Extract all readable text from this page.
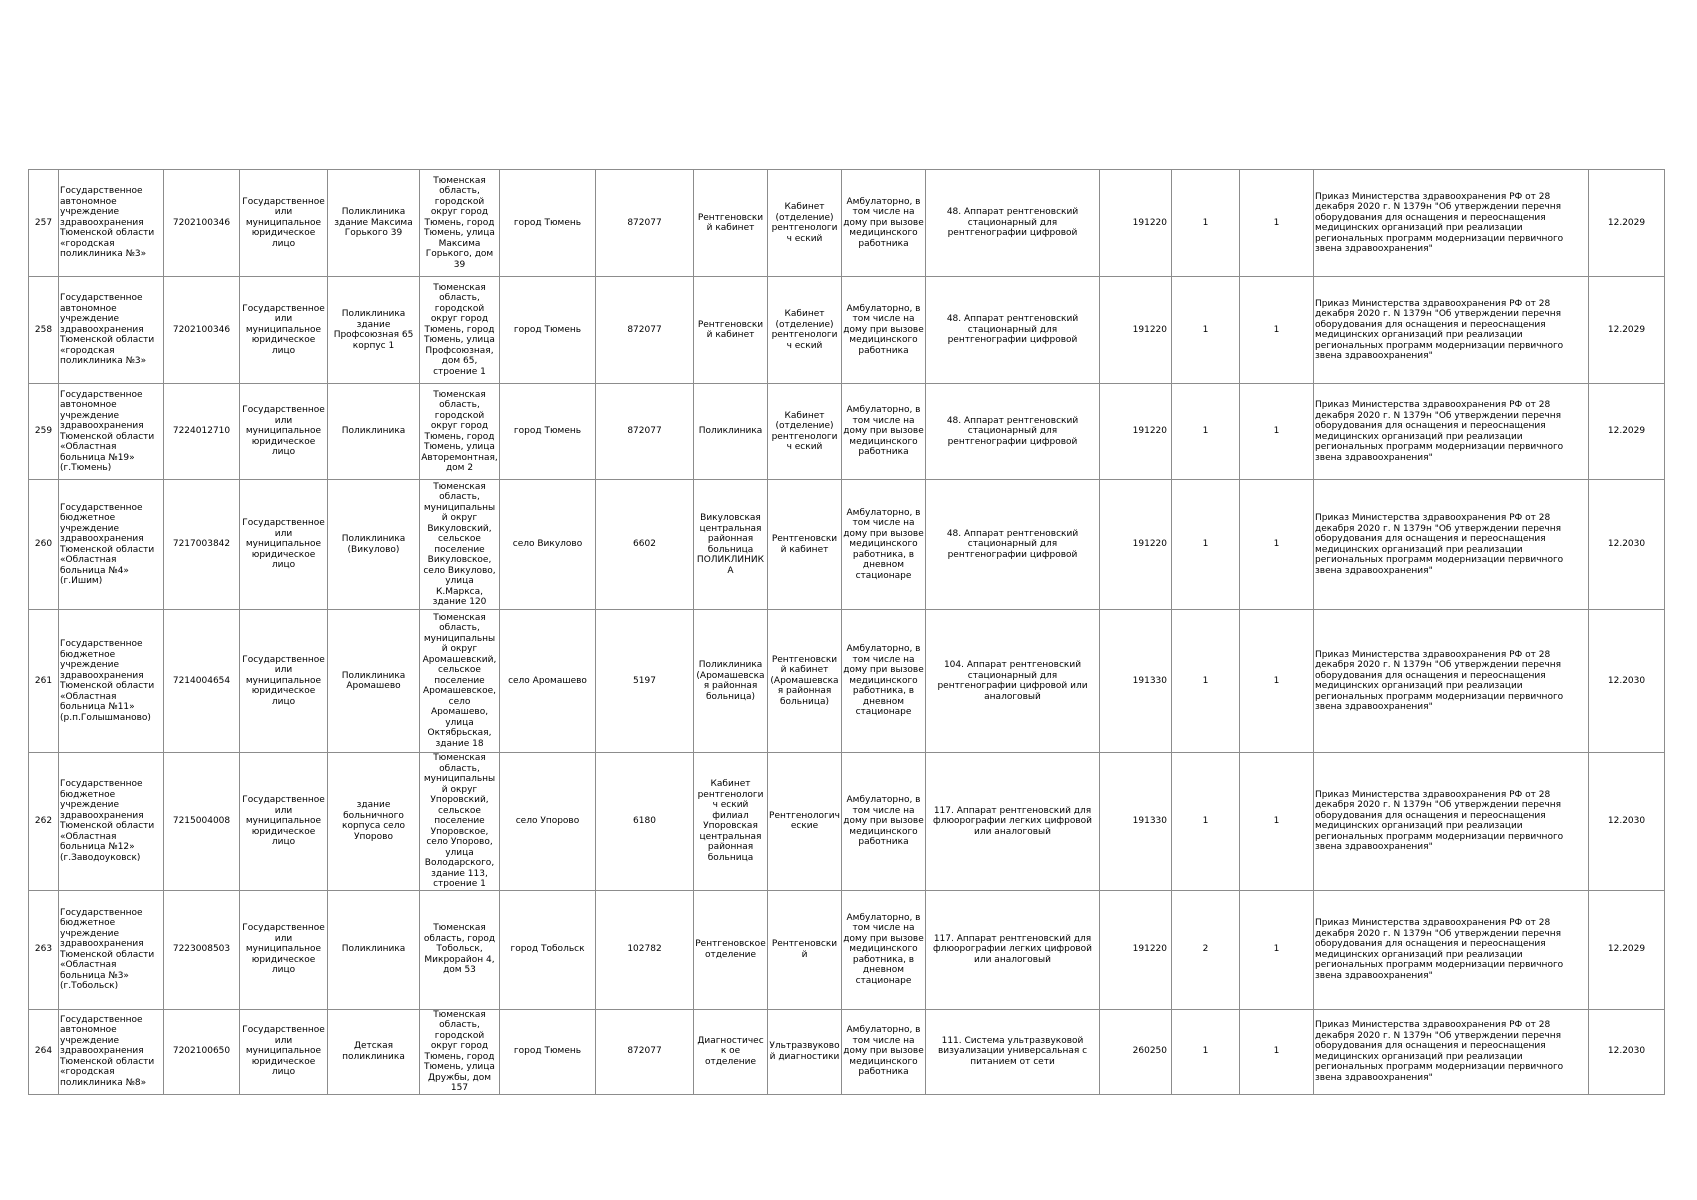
257	Государственное автономное учреждение здравоохранения Тюменской области «городская поликлиника №3»	7202100346	Государственное или муниципальное юридическое лицо	Поликлиника здание Максима Горького 39	Тюменская область, городской округ город Тюмень, город Тюмень, улица Максима Горького, дом 39	город Тюмень	872077	Рентгеновский кабинет	Кабинет (отделение) рентгенологич еский	Амбулаторно, в том числе на дому при вызове медицинского работника	48. Аппарат рентгеновский стационарный для рентгенографии цифровой	191220	1	1	Приказ Министерства здравоохранения РФ от 28 декабря 2020 г. N 1379н "Об утверждении перечня оборудования для оснащения и переоснащения медицинских организаций при реализации региональных программ модернизации первичного звена здравоохранения"	12.2029
258	Государственное автономное учреждение здравоохранения Тюменской области «городская поликлиника №3»	7202100346	Государственное или муниципальное юридическое лицо	Поликлиника здание Профсоюзная 65 корпус 1	Тюменская область, городской округ город Тюмень, город Тюмень, улица Профсоюзная, дом 65, строение 1	город Тюмень	872077	Рентгеновский кабинет	Кабинет (отделение) рентгенологич еский	Амбулаторно, в том числе на дому при вызове медицинского работника	48. Аппарат рентгеновский стационарный для рентгенографии цифровой	191220	1	1	Приказ Министерства здравоохранения РФ от 28 декабря 2020 г. N 1379н "Об утверждении перечня оборудования для оснащения и переоснащения медицинских организаций при реализации региональных программ модернизации первичного звена здравоохранения"	12.2029
259	Государственное автономное учреждение здравоохранения Тюменской области «Областная больница №19» (г.Тюмень)	7224012710	Государственное или муниципальное юридическое лицо	Поликлиника	Тюменская область, городской округ город Тюмень, город Тюмень, улица Авторемонтная, дом 2	город Тюмень	872077	Поликлиника	Кабинет (отделение) рентгенологич еский	Амбулаторно, в том числе на дому при вызове медицинского работника	48. Аппарат рентгеновский стационарный для рентгенографии цифровой	191220	1	1	Приказ Министерства здравоохранения РФ от 28 декабря 2020 г. N 1379н "Об утверждении перечня оборудования для оснащения и переоснащения медицинских организаций при реализации региональных программ модернизации первичного звена здравоохранения"	12.2029
260	Государственное бюджетное учреждение здравоохранения Тюменской области «Областная больница №4» (г.Ишим)	7217003842	Государственное или муниципальное юридическое лицо	Поликлиника (Викулово)	Тюменская область, муниципальный округ Викуловский, сельское поселение Викуловское, село Викулово, улица К.Маркса, здание 120	село Викулово	6602	Викуловская центральная районная больница ПОЛИКЛИНИКА	Рентгеновский кабинет	Амбулаторно, в том числе на дому при вызове медицинского работника, в дневном стационаре	48. Аппарат рентгеновский стационарный для рентгенографии цифровой	191220	1	1	Приказ Министерства здравоохранения РФ от 28 декабря 2020 г. N 1379н "Об утверждении перечня оборудования для оснащения и переоснащения медицинских организаций при реализации региональных программ модернизации первичного звена здравоохранения"	12.2030
261	Государственное бюджетное учреждение здравоохранения Тюменской области «Областная больница №11» (р.п.Голышманово)	7214004654	Государственное или муниципальное юридическое лицо	Поликлиника Аромашево	Тюменская область, муниципальный округ Аромашевский, сельское поселение Аромашевское, село Аромашево, улица Октябрьская, здание 18	село Аромашево	5197	Поликлиника (Аромашевская районная больница)	Рентгеновский кабинет (Аромашевская районная больница)	Амбулаторно, в том числе на дому при вызове медицинского работника, в дневном стационаре	104. Аппарат рентгеновский стационарный для рентгенографии цифровой или аналоговый	191330	1	1	Приказ Министерства здравоохранения РФ от 28 декабря 2020 г. N 1379н "Об утверждении перечня оборудования для оснащения и переоснащения медицинских организаций при реализации региональных программ модернизации первичного звена здравоохранения"	12.2030
262	Государственное бюджетное учреждение здравоохранения Тюменской области «Областная больница №12» (г.Заводоуковск)	7215004008	Государственное или муниципальное юридическое лицо	здание больничного корпуса село Упорово	Тюменская область, муниципальный округ Упоровский, сельское поселение Упоровское, село Упорово, улица Володарского, здание 113, строение 1	село Упорово	6180	Кабинет рентгенологич еский филиал Упоровская центральная районная больница	Рентгенологич еские	Амбулаторно, в том числе на дому при вызове медицинского работника	117. Аппарат рентгеновский для флюорографии легких цифровой или аналоговый	191330	1	1	Приказ Министерства здравоохранения РФ от 28 декабря 2020 г. N 1379н "Об утверждении перечня оборудования для оснащения и переоснащения медицинских организаций при реализации региональных программ модернизации первичного звена здравоохранения"	12.2030
263	Государственное бюджетное учреждение здравоохранения Тюменской области «Областная больница №3» (г.Тобольск)	7223008503	Государственное или муниципальное юридическое лицо	Поликлиника	Тюменская область, город Тобольск, Микрорайон 4, дом 53	город Тобольск	102782	Рентгеновское отделение	Рентгеновский	Амбулаторно, в том числе на дому при вызове медицинского работника, в дневном стационаре	117. Аппарат рентгеновский для флюорографии легких цифровой или аналоговый	191220	2	1	Приказ Министерства здравоохранения РФ от 28 декабря 2020 г. N 1379н "Об утверждении перечня оборудования для оснащения и переоснащения медицинских организаций при реализации региональных программ модернизации первичного звена здравоохранения"	12.2029
264	Государственное автономное учреждение здравоохранения Тюменской области «городская поликлиника №8»	7202100650	Государственное или муниципальное юридическое лицо	Детская поликлиника	Тюменская область, городской округ город Тюмень, город Тюмень, улица Дружбы, дом 157	город Тюмень	872077	Диагностическ ое отделение	Ультразвуково й диагностики	Амбулаторно, в том числе на дому при вызове медицинского работника	111. Система ультразвуковой визуализации универсальная с питанием от сети	260250	1	1	Приказ Министерства здравоохранения РФ от 28 декабря 2020 г. N 1379н "Об утверждении перечня оборудования для оснащения и переоснащения медицинских организаций при реализации региональных программ модернизации первичного звена здравоохранения"	12.2030
